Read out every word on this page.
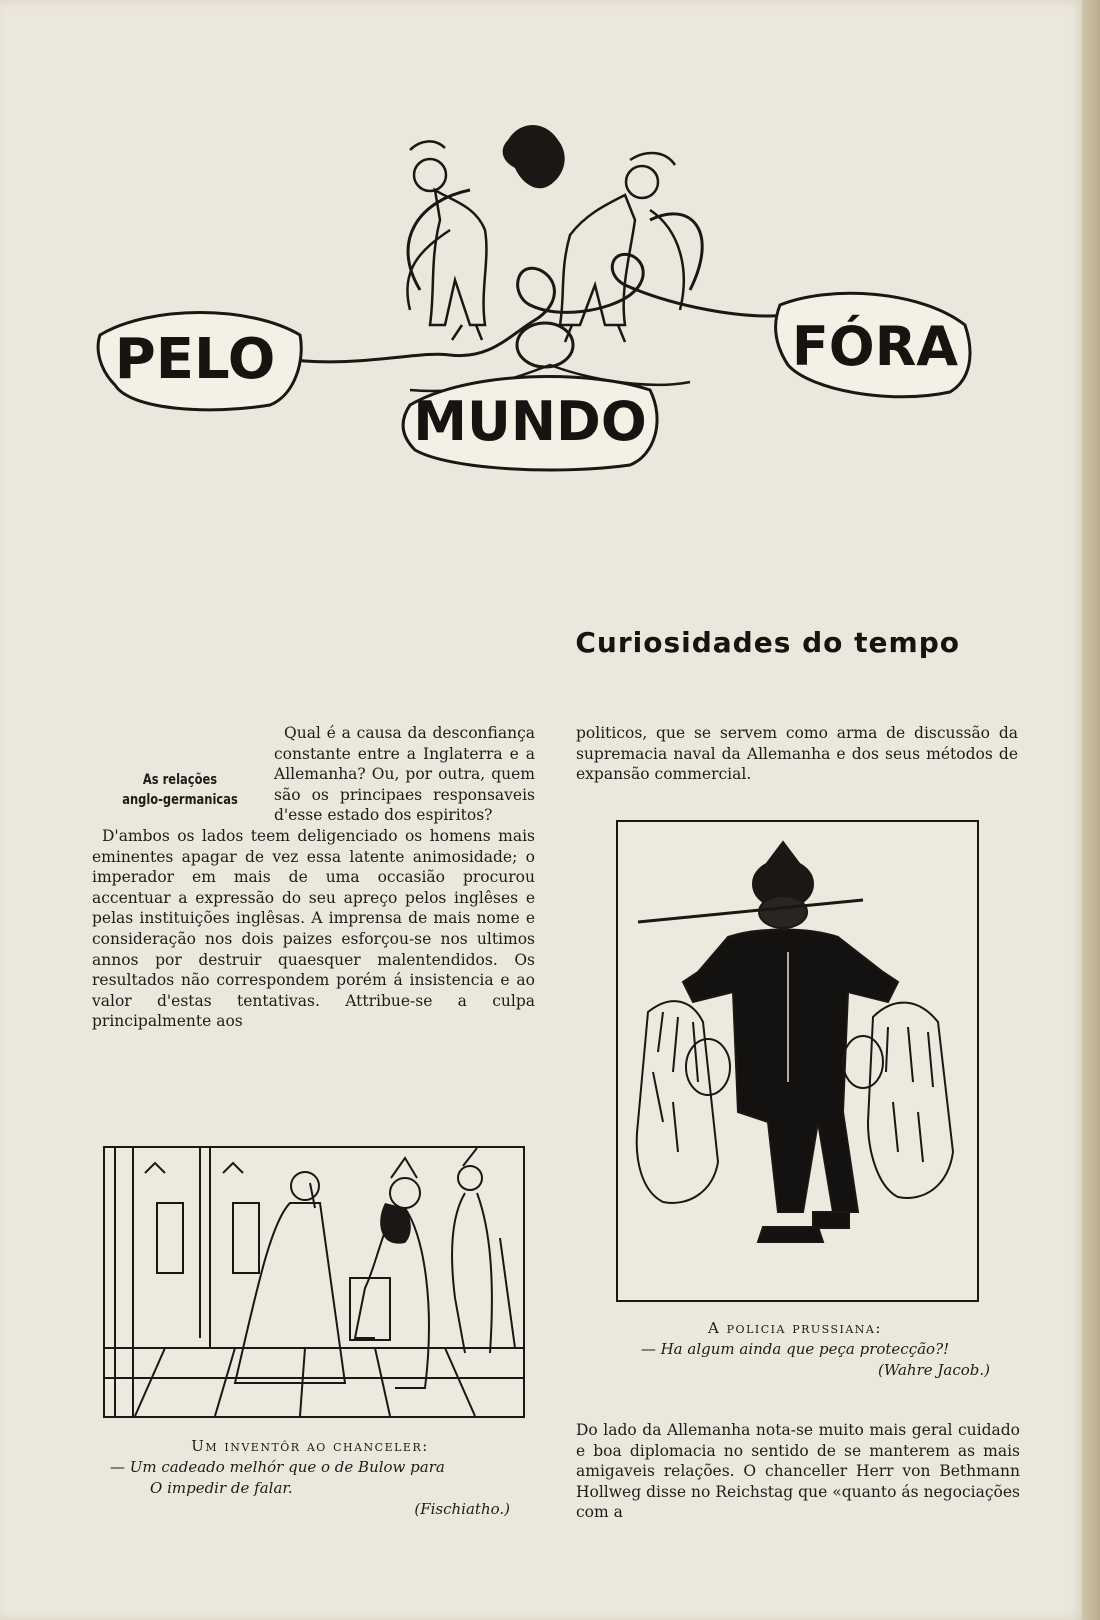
PELO
MUNDO
FÓRA
Curiosidades do tempo
As relações
anglo-germanicas

Qual é a causa da desconfiança constante entre a Inglaterra e a Allemanha? Ou, por outra, quem são os principaes responsaveis d'esse estado dos espiritos?

D'ambos os lados teem deligenciado os homens mais eminentes apagar de vez essa latente animosidade; o imperador em mais de uma occasião procurou accentuar a expressão do seu apreço pelos inglêses e pelas instituições inglêsas. A imprensa de mais nome e consideração nos dois paizes esforçou-se nos ultimos annos por destruir quaesquer malentendidos. Os resultados não correspondem porém á insistencia e ao valor d'estas tentativas. Attribue-se a culpa principalmente aos

politicos, que se servem como arma de discussão da supremacia naval da Allemanha e dos seus métodos de expansão commercial.

Um inventôr ao chanceler:
— Um cadeado melhór que o de Bulow para
O impedir de falar.
(Fischiatho.)
A policia prussiana:
— Ha algum ainda que peça protecção?!
(Wahre Jacob.)

Do lado da Allemanha nota-se muito mais geral cuidado e boa diplomacia no sentido de se manterem as mais amigaveis relações. O chanceller Herr von Bethmann Hollweg disse no Reichstag que «quanto ás negociações com a
